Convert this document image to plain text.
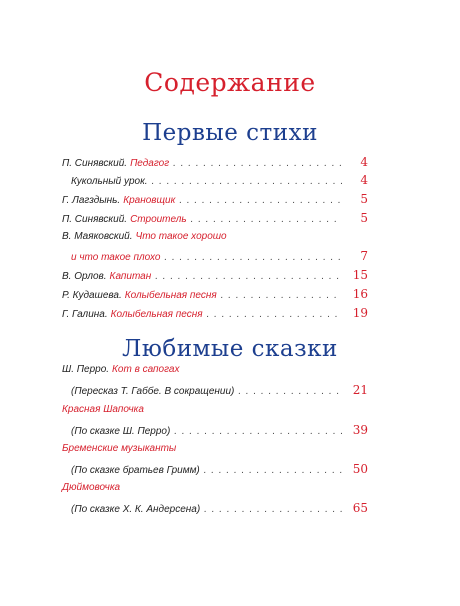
Содержание
Первые стихи
П. Синявский. Педагог . . .	4
Кукольный урок. . . .	4
Г. Лагздынь. Крановщик . . .	5
П. Синявский. Строитель . . .	5
В. Маяковский. Что такое хорошо
и что такое плохо . . .	7
В. Орлов. Капитан . . .	15
Р. Кудашева. Колыбельная песня . . .	16
Г. Галина. Колыбельная песня . . .	19
Любимые сказки
Ш. Перро. Кот в сапогах
(Пересказ Т. Габбе. В сокращении) . . .	21
Красная Шапочка
(По сказке Ш. Перро) . . .	39
Бременские музыканты
(По сказке братьев Гримм) . . .	50
Дюймовочка
(По сказке Х. К. Андерсена) . . .	65
